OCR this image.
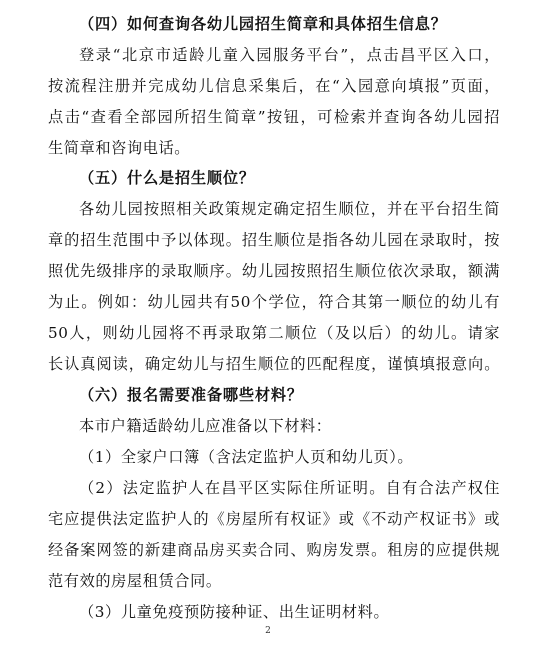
（四）如何查询各幼儿园招生简章和具体招生信息？
登录“北京市适龄儿童入园服务平台”，点击昌平区入口，
按流程注册并完成幼儿信息采集后，在“入园意向填报”页面，
点击“查看全部园所招生简章”按钮，可检索并查询各幼儿园招
生简章和咨询电话。
（五）什么是招生顺位？
各幼儿园按照相关政策规定确定招生顺位，并在平台招生简
章的招生范围中予以体现。招生顺位是指各幼儿园在录取时，按
照优先级排序的录取顺序。幼儿园按照招生顺位依次录取，额满
为止。例如：幼儿园共有50个学位，符合其第一顺位的幼儿有
50人，则幼儿园将不再录取第二顺位（及以后）的幼儿。请家
长认真阅读，确定幼儿与招生顺位的匹配程度，谨慎填报意向。
（六）报名需要准备哪些材料？
本市户籍适龄幼儿应准备以下材料：
（1）全家户口簿（含法定监护人页和幼儿页）。
（2）法定监护人在昌平区实际住所证明。自有合法产权住
宅应提供法定监护人的《房屋所有权证》或《不动产权证书》或
经备案网签的新建商品房买卖合同、购房发票。租房的应提供规
范有效的房屋租赁合同。
（3）儿童免疫预防接种证、出生证明材料。
2
